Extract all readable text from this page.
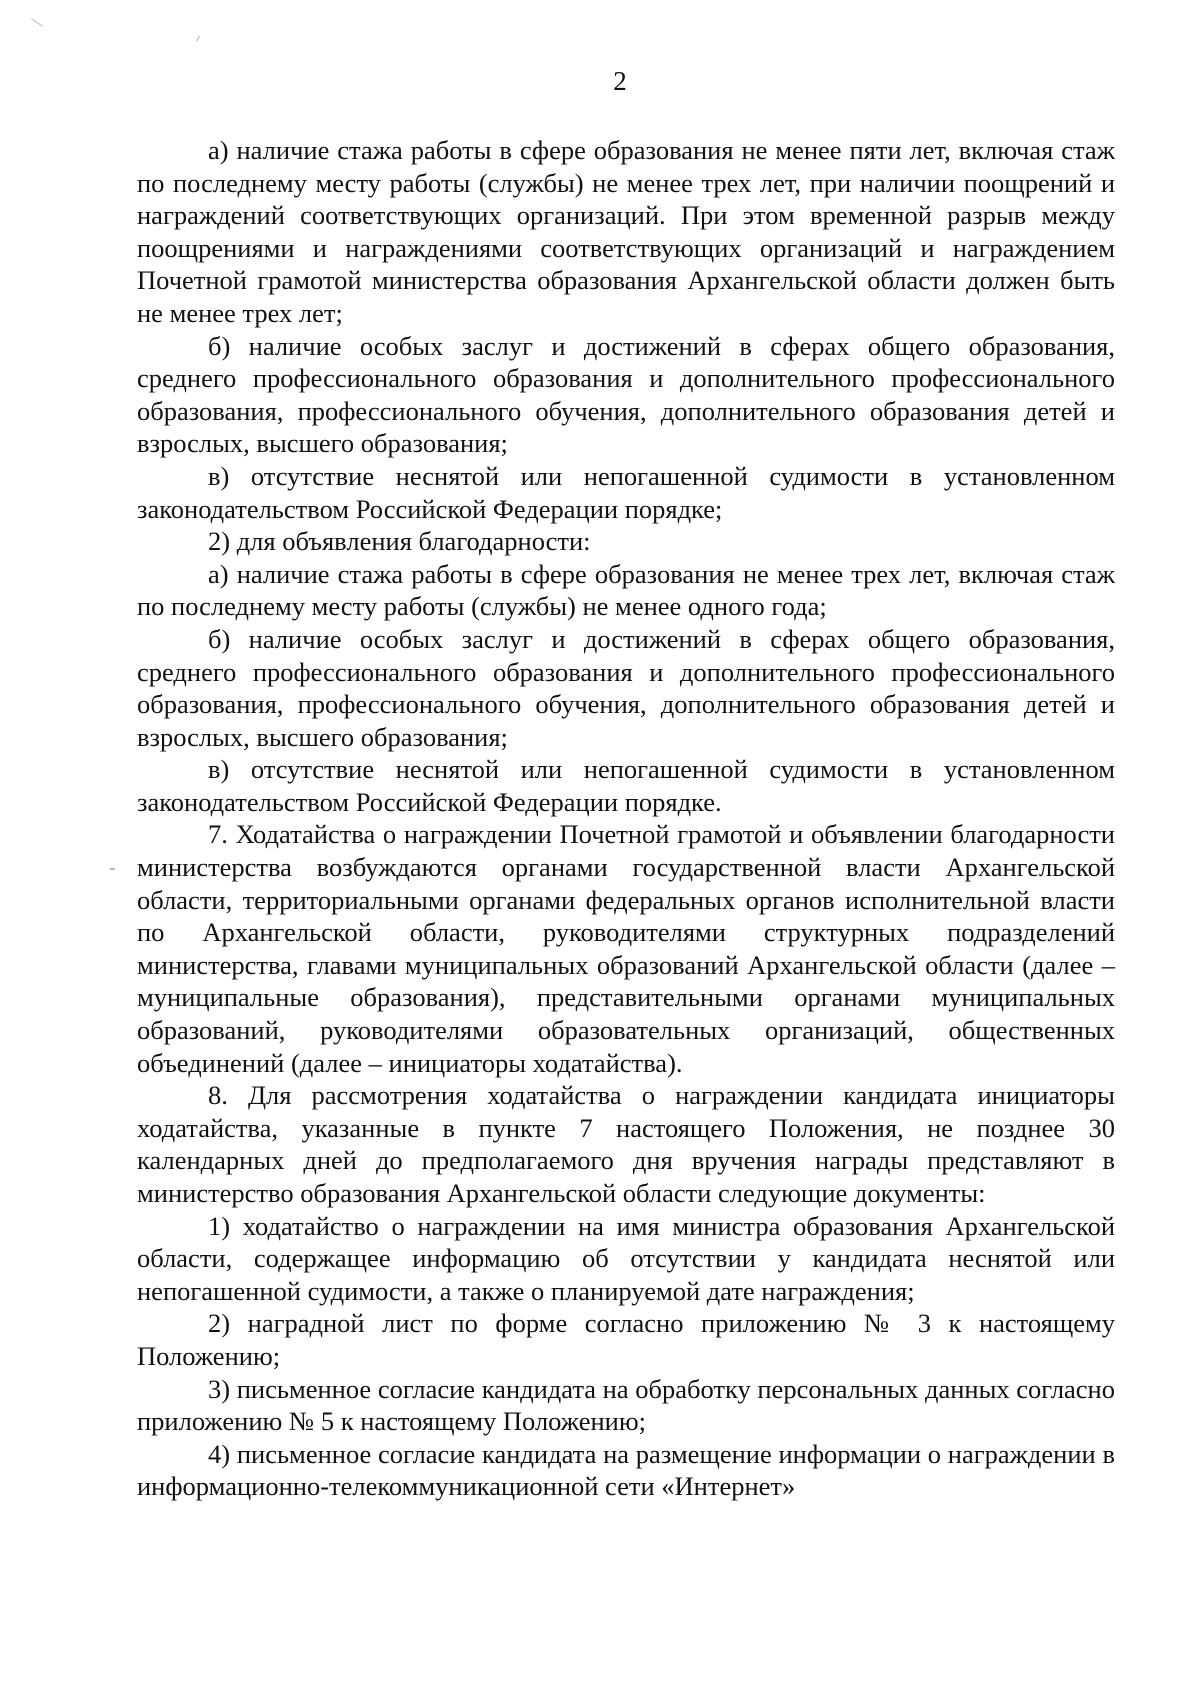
2

а) наличие стажа работы в сфере образования не менее пяти лет, включая стаж по последнему месту работы (службы) не менее трех лет, при наличии поощрений и награждений соответствующих организаций. При этом временной разрыв между поощрениями и награждениями соответствующих организаций и награждением Почетной грамотой министерства образования Архангельской области должен быть не менее трех лет;

б) наличие особых заслуг и достижений в сферах общего образования, среднего профессионального образования и дополнительного профессионального образования, профессионального обучения, дополнительного образования детей и взрослых, высшего образования;

в) отсутствие неснятой или непогашенной судимости в установленном законодательством Российской Федерации порядке;

2) для объявления благодарности:

а) наличие стажа работы в сфере образования не менее трех лет, включая стаж по последнему месту работы (службы) не менее одного года;

б) наличие особых заслуг и достижений в сферах общего образования, среднего профессионального образования и дополнительного профессионального образования, профессионального обучения, дополнительного образования детей и взрослых, высшего образования;

в) отсутствие неснятой или непогашенной судимости в установленном законодательством Российской Федерации порядке.

7. Ходатайства о награждении Почетной грамотой и объявлении благодарности министерства возбуждаются органами государственной власти Архангельской области, территориальными органами федеральных органов исполнительной власти по Архангельской области, руководителями структурных подразделений министерства, главами муниципальных образований Архангельской области (далее – муниципальные образования), представительными органами муниципальных образований, руководителями образовательных организаций, общественных объединений (далее – инициаторы ходатайства).

8. Для рассмотрения ходатайства о награждении кандидата инициаторы ходатайства, указанные в пункте 7 настоящего Положения, не позднее 30 календарных дней до предполагаемого дня вручения награды представляют в министерство образования Архангельской области следующие документы:

1) ходатайство о награждении на имя министра образования Архангельской области, содержащее информацию об отсутствии у кандидата неснятой или непогашенной судимости, а также о планируемой дате награждения;

2) наградной лист по форме согласно приложению № 3 к настоящему Положению;

3) письменное согласие кандидата на обработку персональных данных согласно приложению № 5 к настоящему Положению;

4) письменное согласие кандидата на размещение информации о награждении в информационно-телекоммуникационной сети «Интернет»
